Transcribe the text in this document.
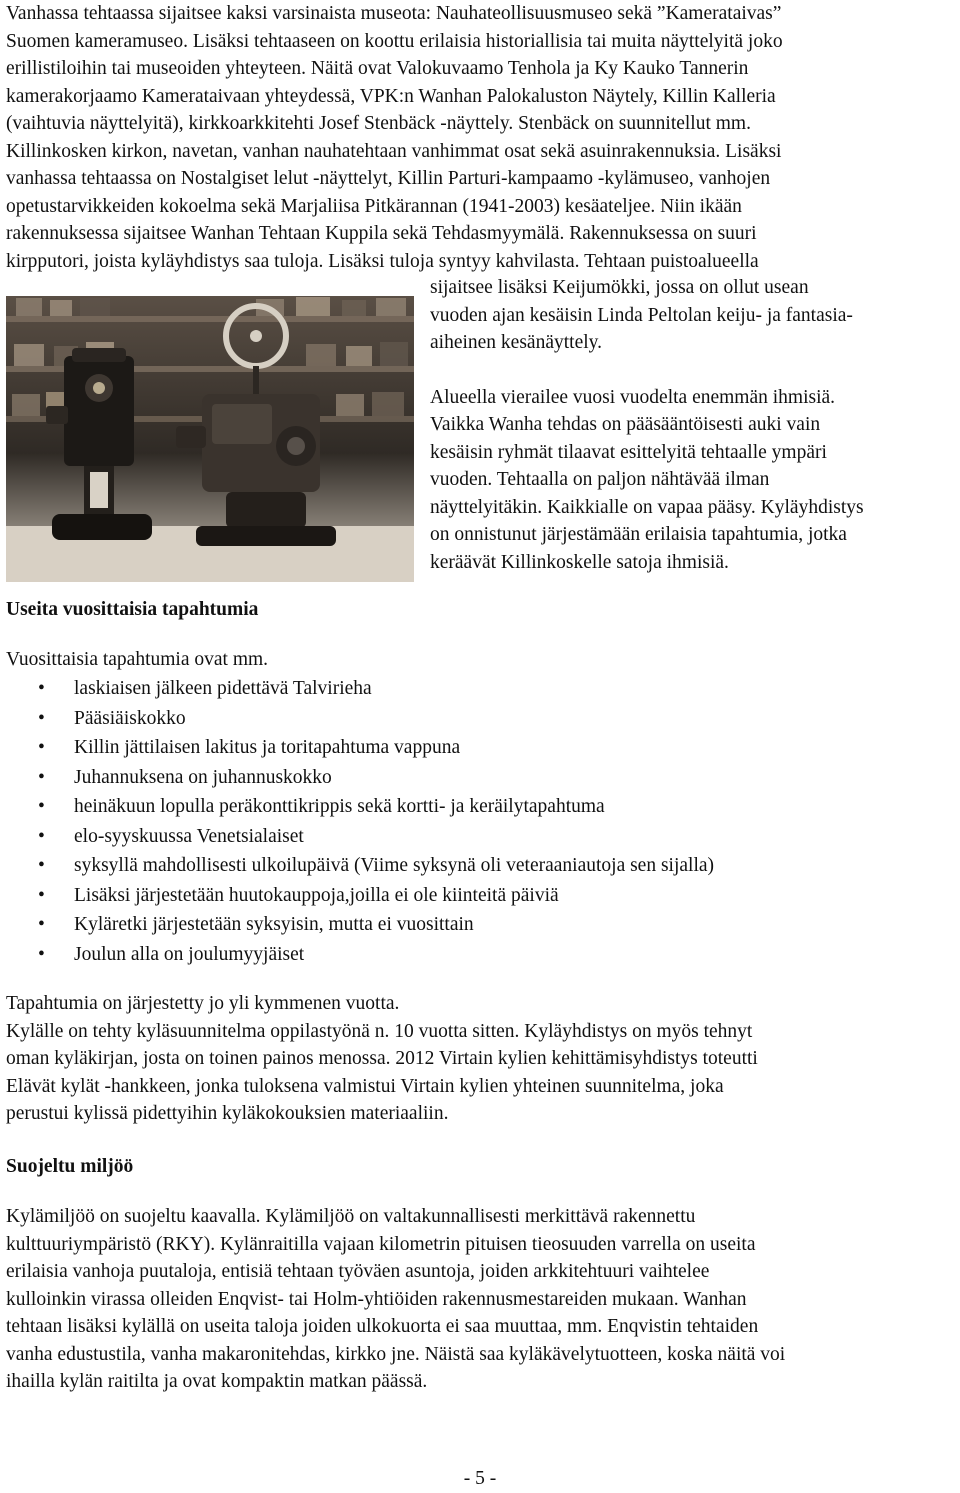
Vanhassa tehtaassa sijaitsee kaksi varsinaista museota: Nauhateollisuusmuseo sekä ”Kamerataivas”
Suomen kameramuseo. Lisäksi tehtaaseen on koottu erilaisia historiallisia tai muita näyttelyitä joko
erillistiloihin tai museoiden yhteyteen. Näitä ovat Valokuvaamo Tenhola ja Ky Kauko Tannerin
kamerakorjaamo Kamerataivaan yhteydessä, VPK:n Wanhan Palokaluston Näytely, Killin Kalleria
(vaihtuvia näyttelyitä), kirkkoarkkitehti Josef Stenbäck -näyttely. Stenbäck on suunnitellut mm.
Killinkosken kirkon, navetan, vanhan nauhatehtaan vanhimmat osat sekä asuinrakennuksia. Lisäksi
vanhassa tehtaassa on Nostalgiset lelut -näyttelyt, Killin Parturi-kampaamo -kylämuseo, vanhojen
opetustarvikkeiden kokoelma sekä Marjaliisa Pitkärannan (1941-2003) kesäateljee. Niin ikään
rakennuksessa sijaitsee Wanhan Tehtaan Kuppila sekä Tehdasmyymälä. Rakennuksessa on suuri
kirpputori, joista kyläyhdistys saa tuloja. Lisäksi tuloja syntyy kahvilasta. Tehtaan puistoalueella

sijaitsee lisäksi Keijumökki, jossa on ollut usean
vuoden ajan kesäisin Linda Peltolan keiju- ja fantasia-
aiheinen kesänäyttely.

Alueella vierailee vuosi vuodelta enemmän ihmisiä.
Vaikka Wanha tehdas on pääsääntöisesti auki vain
kesäisin ryhmät tilaavat esittelyitä tehtaalle ympäri
vuoden. Tehtaalla on paljon nähtävää ilman
näyttelyitäkin. Kaikkialle on vapaa pääsy. Kyläyhdistys
on onnistunut järjestämään erilaisia tapahtumia, jotka
keräävät Killinkoskelle satoja ihmisiä.

Useita vuosittaisia tapahtumia

Vuosittaisia tapahtumia ovat mm.

• laskiaisen jälkeen pidettävä Talvirieha
• Pääsiäiskokko
• Killin jättilaisen lakitus ja toritapahtuma vappuna
• Juhannuksena on juhannuskokko
• heinäkuun lopulla peräkonttikrippis sekä kortti- ja keräilytapahtuma
• elo-syyskuussa Venetsialaiset
• syksyllä mahdollisesti ulkoilupäivä (Viime syksynä oli veteraaniautoja sen sijalla)
• Lisäksi järjestetään huutokauppoja,joilla ei ole kiinteitä päiviä
• Kyläretki järjestetään syksyisin, mutta ei vuosittain
• Joulun alla on joulumyyjäiset

Tapahtumia on järjestetty jo yli kymmenen vuotta.
Kylälle on tehty kyläsuunnitelma oppilastyönä n. 10 vuotta sitten. Kyläyhdistys on myös tehnyt
oman kyläkirjan, josta on toinen painos menossa. 2012 Virtain kylien kehittämisyhdistys toteutti
Elävät kylät -hankkeen, jonka tuloksena valmistui Virtain kylien yhteinen suunnitelma, joka
perustui kylissä pidettyihin kyläkokouksien materiaaliin.

Suojeltu miljöö

Kylämiljöö on suojeltu kaavalla. Kylämiljöö on valtakunnallisesti merkittävä rakennettu
kulttuuriympäristö (RKY). Kylänraitilla vajaan kilometrin pituisen tieosuuden varrella on useita
erilaisia vanhoja puutaloja, entisiä tehtaan työväen asuntoja, joiden arkkitehtuuri vaihtelee
kulloinkin virassa olleiden Enqvist- tai Holm-yhtiöiden rakennusmestareiden mukaan. Wanhan
tehtaan lisäksi kylällä on useita taloja joiden ulkokuorta ei saa muuttaa, mm. Enqvistin tehtaiden
vanha edustustila, vanha makaronitehdas, kirkko jne. Näistä saa kyläkävelytuotteen, koska näitä voi
ihailla kylän raitilta ja ovat kompaktin matkan päässä.

- 5 -
